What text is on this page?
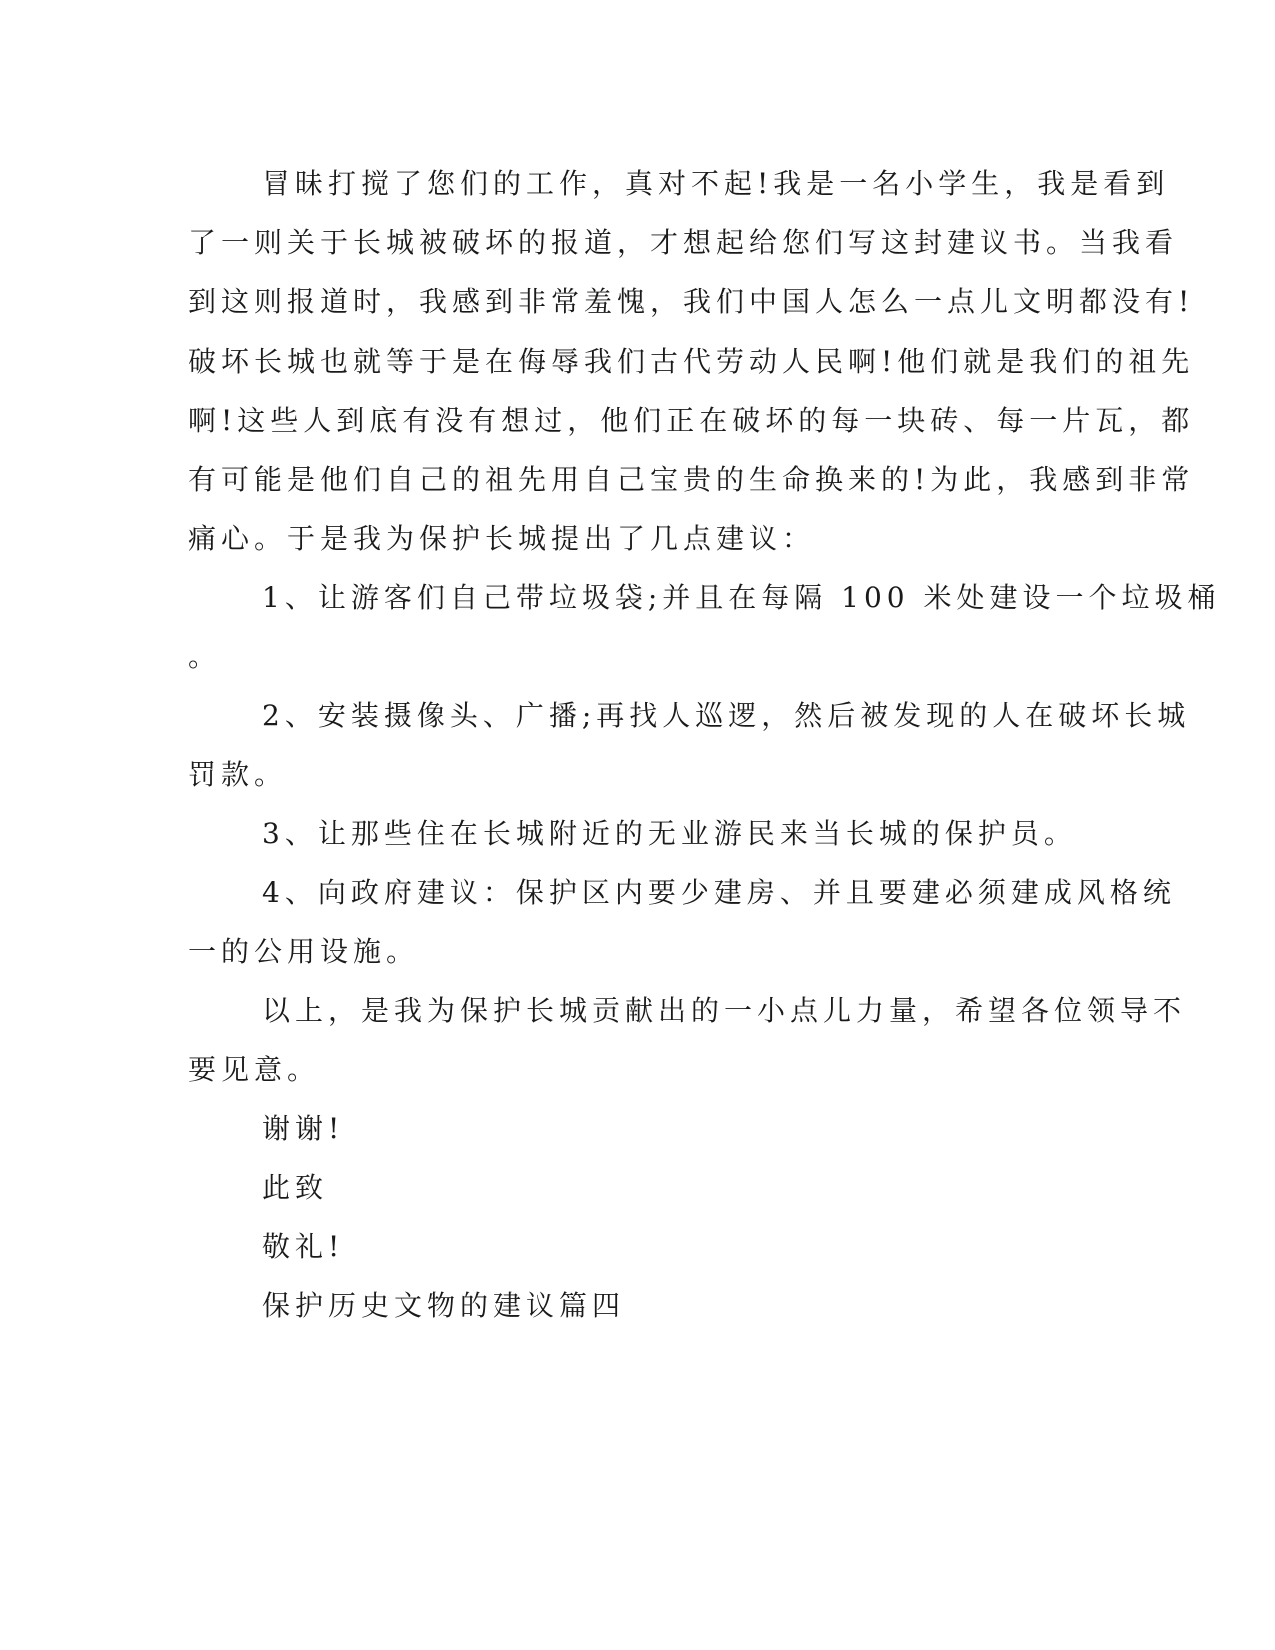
冒昧打搅了您们的工作，真对不起!我是一名小学生，我是看到
了一则关于长城被破坏的报道，才想起给您们写这封建议书。当我看
到这则报道时，我感到非常羞愧，我们中国人怎么一点儿文明都没有!
破坏长城也就等于是在侮辱我们古代劳动人民啊!他们就是我们的祖先
啊!这些人到底有没有想过，他们正在破坏的每一块砖、每一片瓦，都
有可能是他们自己的祖先用自己宝贵的生命换来的!为此，我感到非常
痛心。于是我为保护长城提出了几点建议：
1、让游客们自己带垃圾袋;并且在每隔 100 米处建设一个垃圾桶
。
2、安装摄像头、广播;再找人巡逻，然后被发现的人在破坏长城
罚款。
3、让那些住在长城附近的无业游民来当长城的保护员。
4、向政府建议：保护区内要少建房、并且要建必须建成风格统
一的公用设施。
以上，是我为保护长城贡献出的一小点儿力量，希望各位领导不
要见意。
谢谢!
此致
敬礼!
保护历史文物的建议篇四
